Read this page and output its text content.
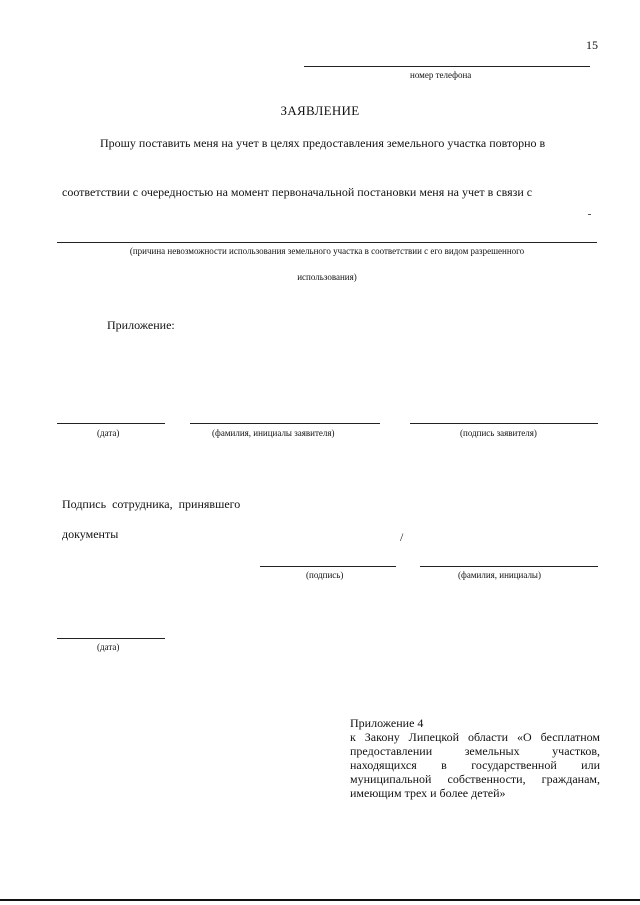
15
номер телефона
ЗАЯВЛЕНИЕ
Прошу поставить меня на учет в целях предоставления земельного участка повторно в
соответствии с очередностью на момент первоначальной постановки меня на учет в связи с
(причина невозможности использования земельного участка в соответствии с его видом разрешенного
использования)
Приложение:
(дата)	(фамилия, инициалы заявителя)	(подпись заявителя)
Подпись сотрудника, принявшего
документы	/
(подпись)	(фамилия, инициалы)
(дата)
Приложение 4
к Закону Липецкой области «О бесплатном
предоставлении земельных участков,
находящихся в государственной или
муниципальной собственности, гражданам,
имеющим трех и более детей»
